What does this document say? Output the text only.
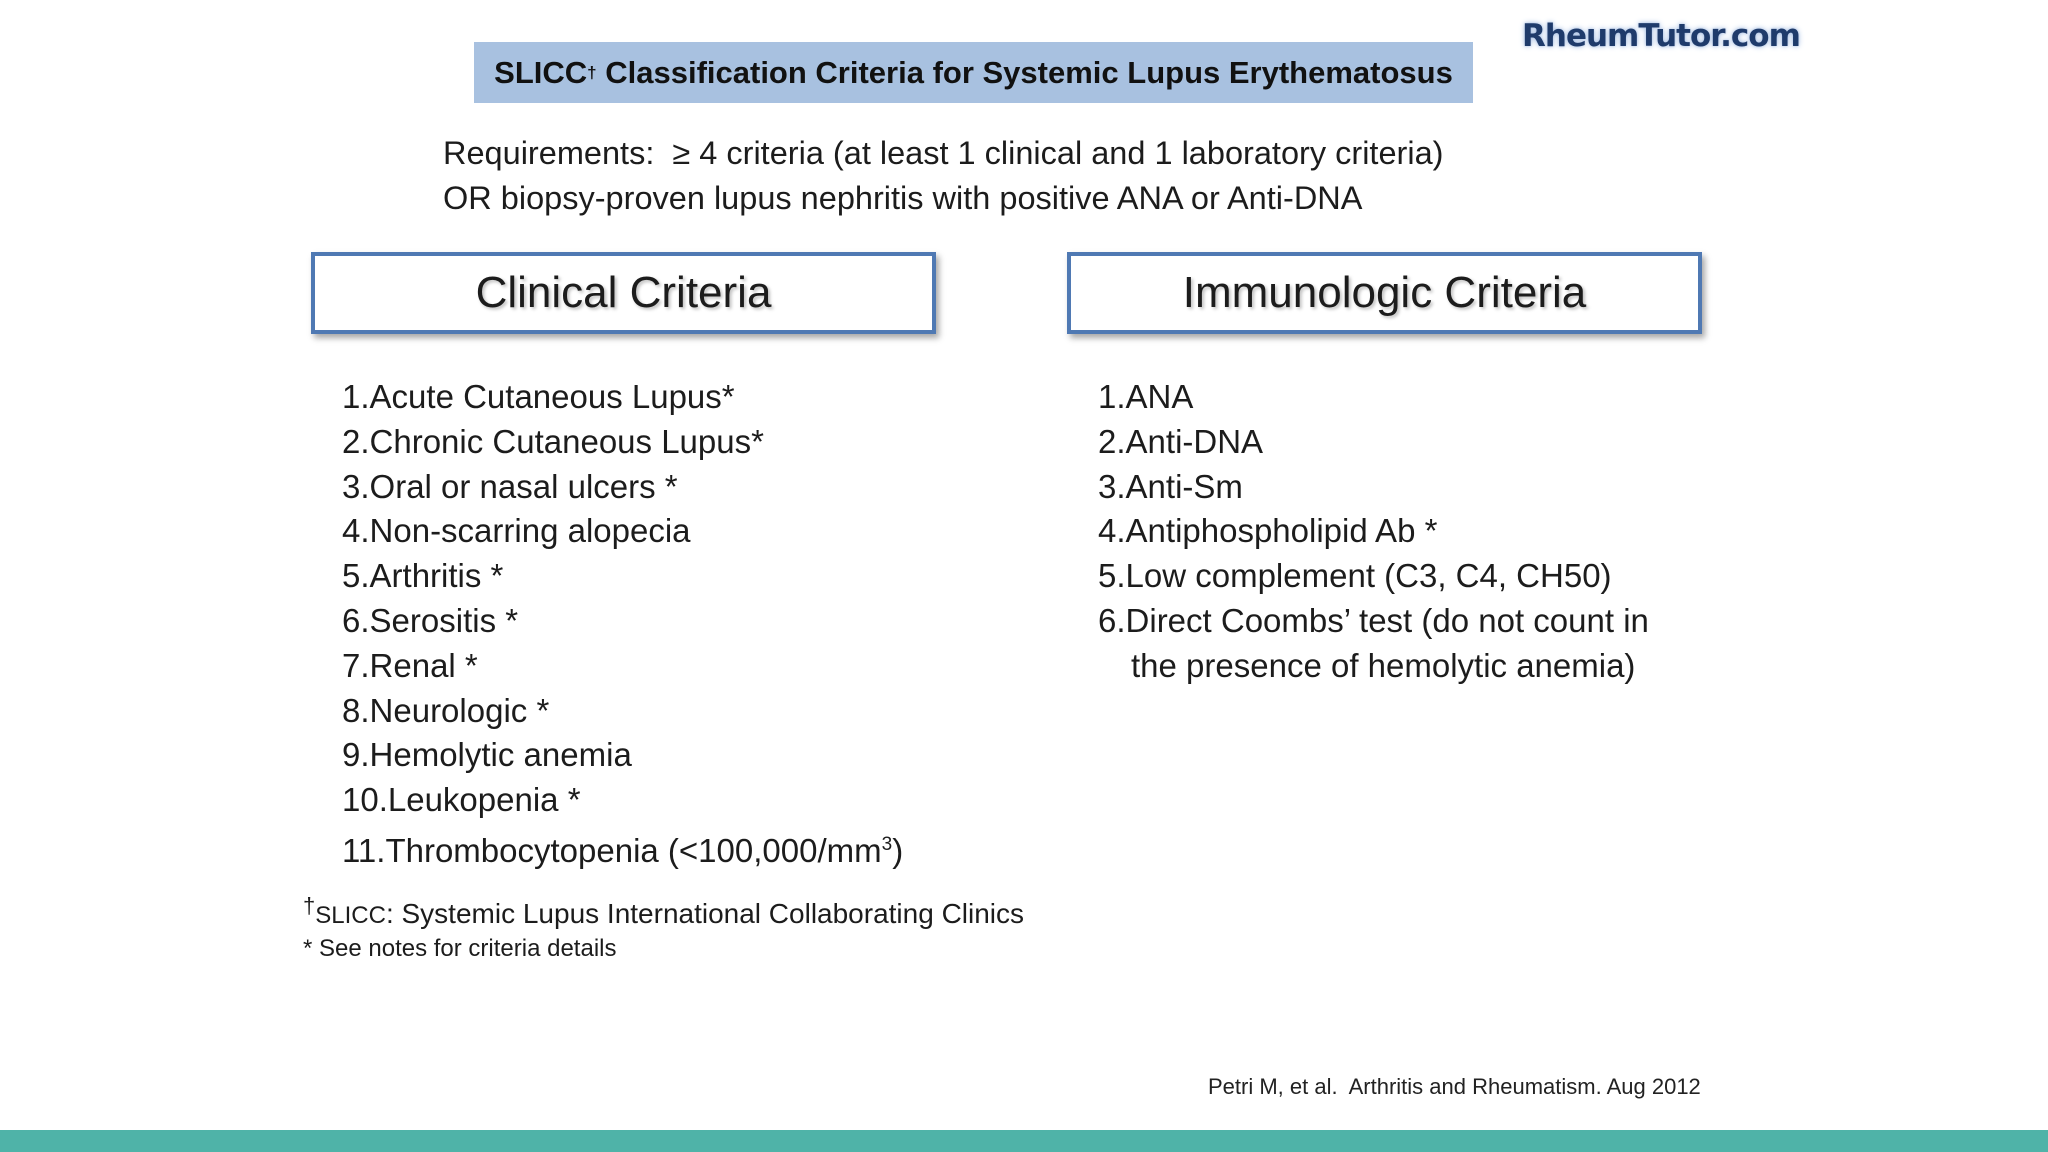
SLICC † Classification Criteria for Systemic Lupus Erythematosus
RheumTutor.com
Requirements:  ≥ 4 criteria (at least 1 clinical and 1 laboratory criteria)
OR biopsy-proven lupus nephritis with positive ANA or Anti-DNA
Clinical Criteria	Immunologic Criteria
1.Acute Cutaneous Lupus*
2.Chronic Cutaneous Lupus*
3.Oral or nasal ulcers *
4.Non-scarring alopecia
5.Arthritis *
6.Serositis *
7.Renal *
8.Neurologic *
9.Hemolytic anemia
10.Leukopenia *
11.Thrombocytopenia $(<100,000/mm^3)$
1.ANA
2.Anti-DNA
3.Anti-Sm
4.Antiphospholipid Ab *
5.Low complement (C3, C4, CH50)
6.Direct Coombs’ test (do not count in
the presence of hemolytic anemia)
†SLICC: Systemic Lupus International Collaborating Clinics
* See notes for criteria details
Petri M, et al.  Arthritis and Rheumatism. Aug 2012
